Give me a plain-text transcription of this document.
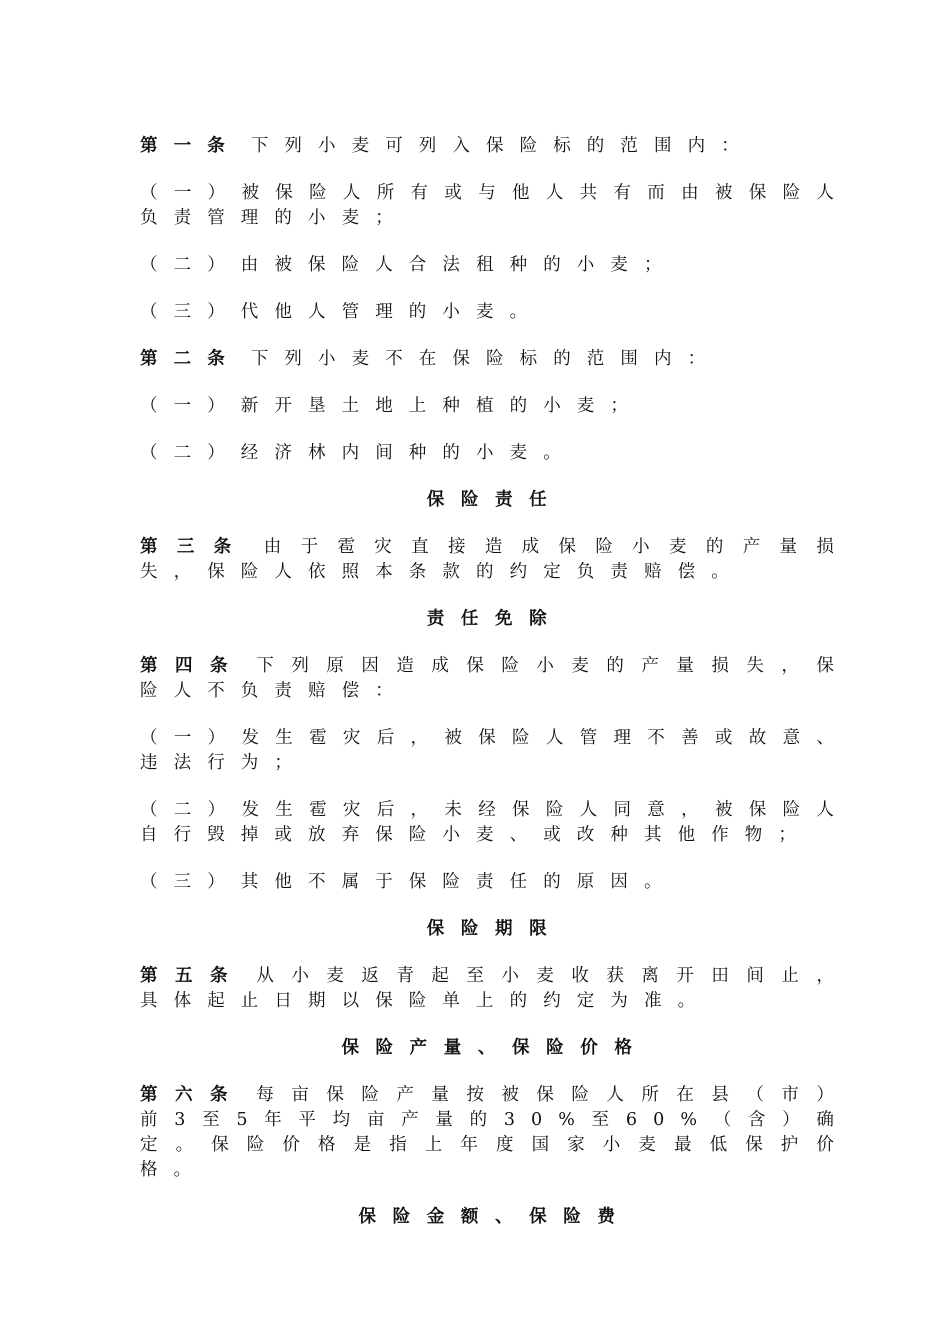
第一条 下列小麦可列入保险标的范围内：

（一）被保险人所有或与他人共有而由被保险人负责管理的小麦；

（二）由被保险人合法租种的小麦；

（三）代他人管理的小麦。

第二条 下列小麦不在保险标的范围内：

（一）新开垦土地上种植的小麦；

（二）经济林内间种的小麦。

保险责任

第三条 由于雹灾直接造成保险小麦的产量损失，保险人依照本条款的约定负责赔偿。

责任免除

第四条 下列原因造成保险小麦的产量损失，保险人不负责赔偿：

（一）发生雹灾后，被保险人管理不善或故意、违法行为；

（二）发生雹灾后，未经保险人同意，被保险人自行毁掉或放弃保险小麦、或改种其他作物；

（三）其他不属于保险责任的原因。

保险期限

第五条 从小麦返青起至小麦收获离开田间止，具体起止日期以保险单上的约定为准。

保险产量、保险价格

第六条 每亩保险产量按被保险人所在县（市）前3至5年平均亩产量的30%至60%（含）确定。保险价格是指上年度国家小麦最低保护价格。

保险金额、保险费
